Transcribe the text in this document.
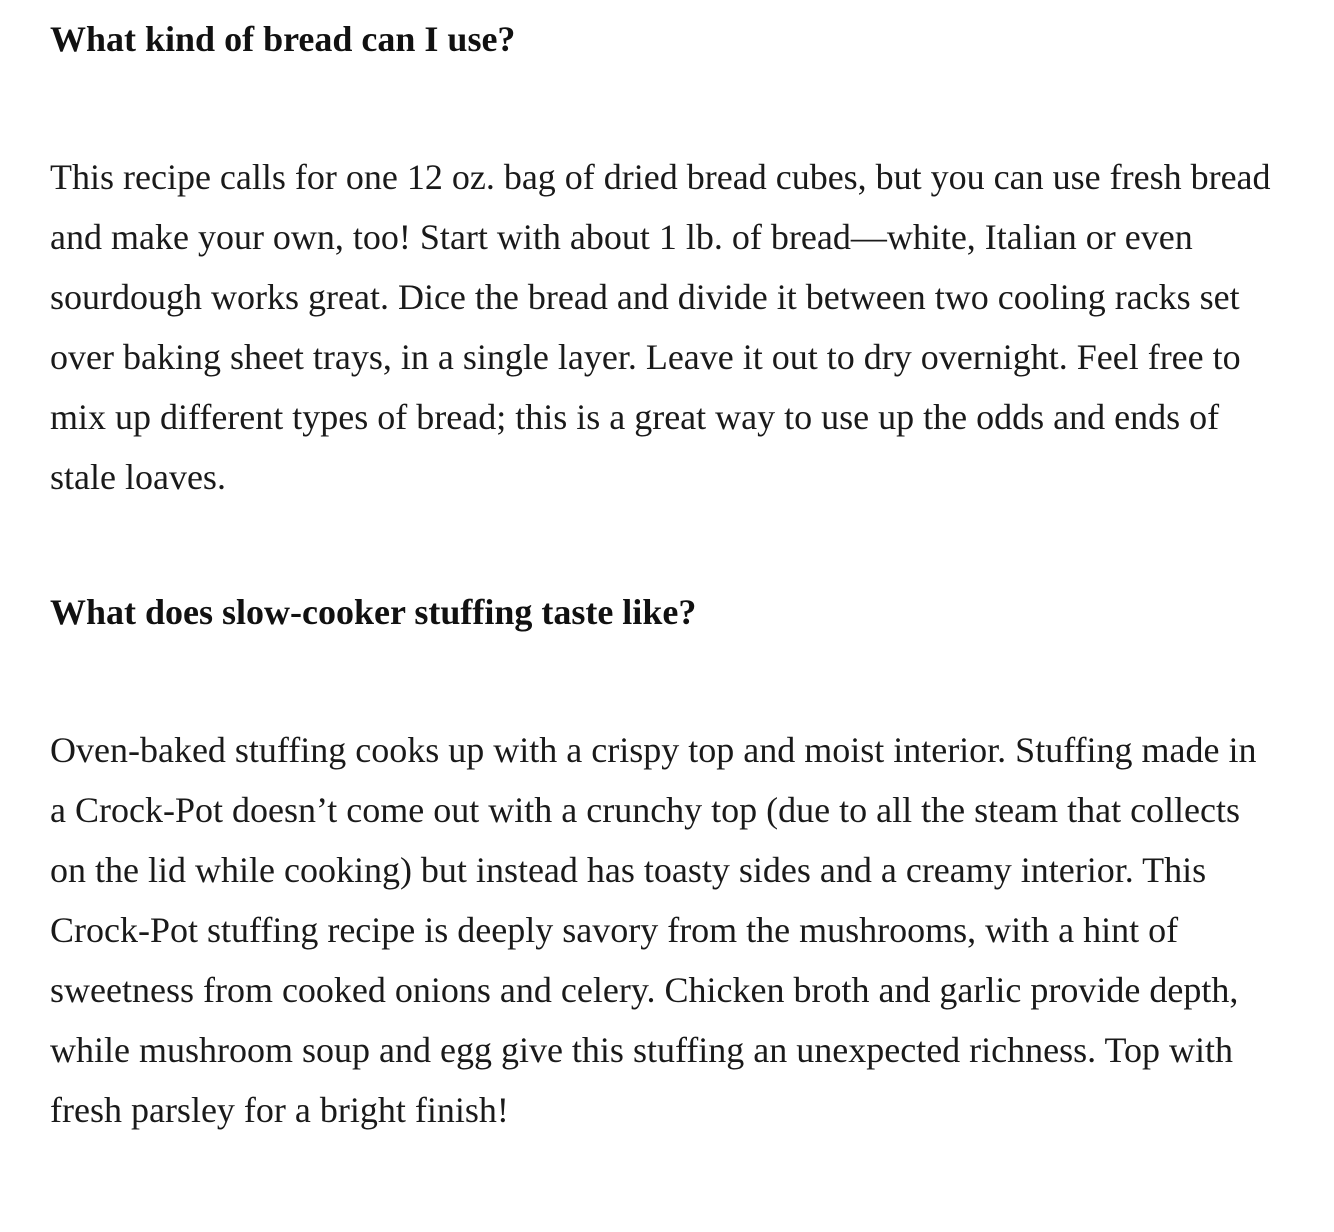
What kind of bread can I use?

This recipe calls for one 12 oz. bag of dried bread cubes, but you can use fresh bread and make your own, too! Start with about 1 lb. of bread—white, Italian or even sourdough works great. Dice the bread and divide it between two cooling racks set over baking sheet trays, in a single layer. Leave it out to dry overnight. Feel free to mix up different types of bread; this is a great way to use up the odds and ends of stale loaves.

What does slow-cooker stuffing taste like?

Oven-baked stuffing cooks up with a crispy top and moist interior. Stuffing made in a Crock-Pot doesn’t come out with a crunchy top (due to all the steam that collects on the lid while cooking) but instead has toasty sides and a creamy interior. This Crock-Pot stuffing recipe is deeply savory from the mushrooms, with a hint of sweetness from cooked onions and celery. Chicken broth and garlic provide depth, while mushroom soup and egg give this stuffing an unexpected richness. Top with fresh parsley for a bright finish!
